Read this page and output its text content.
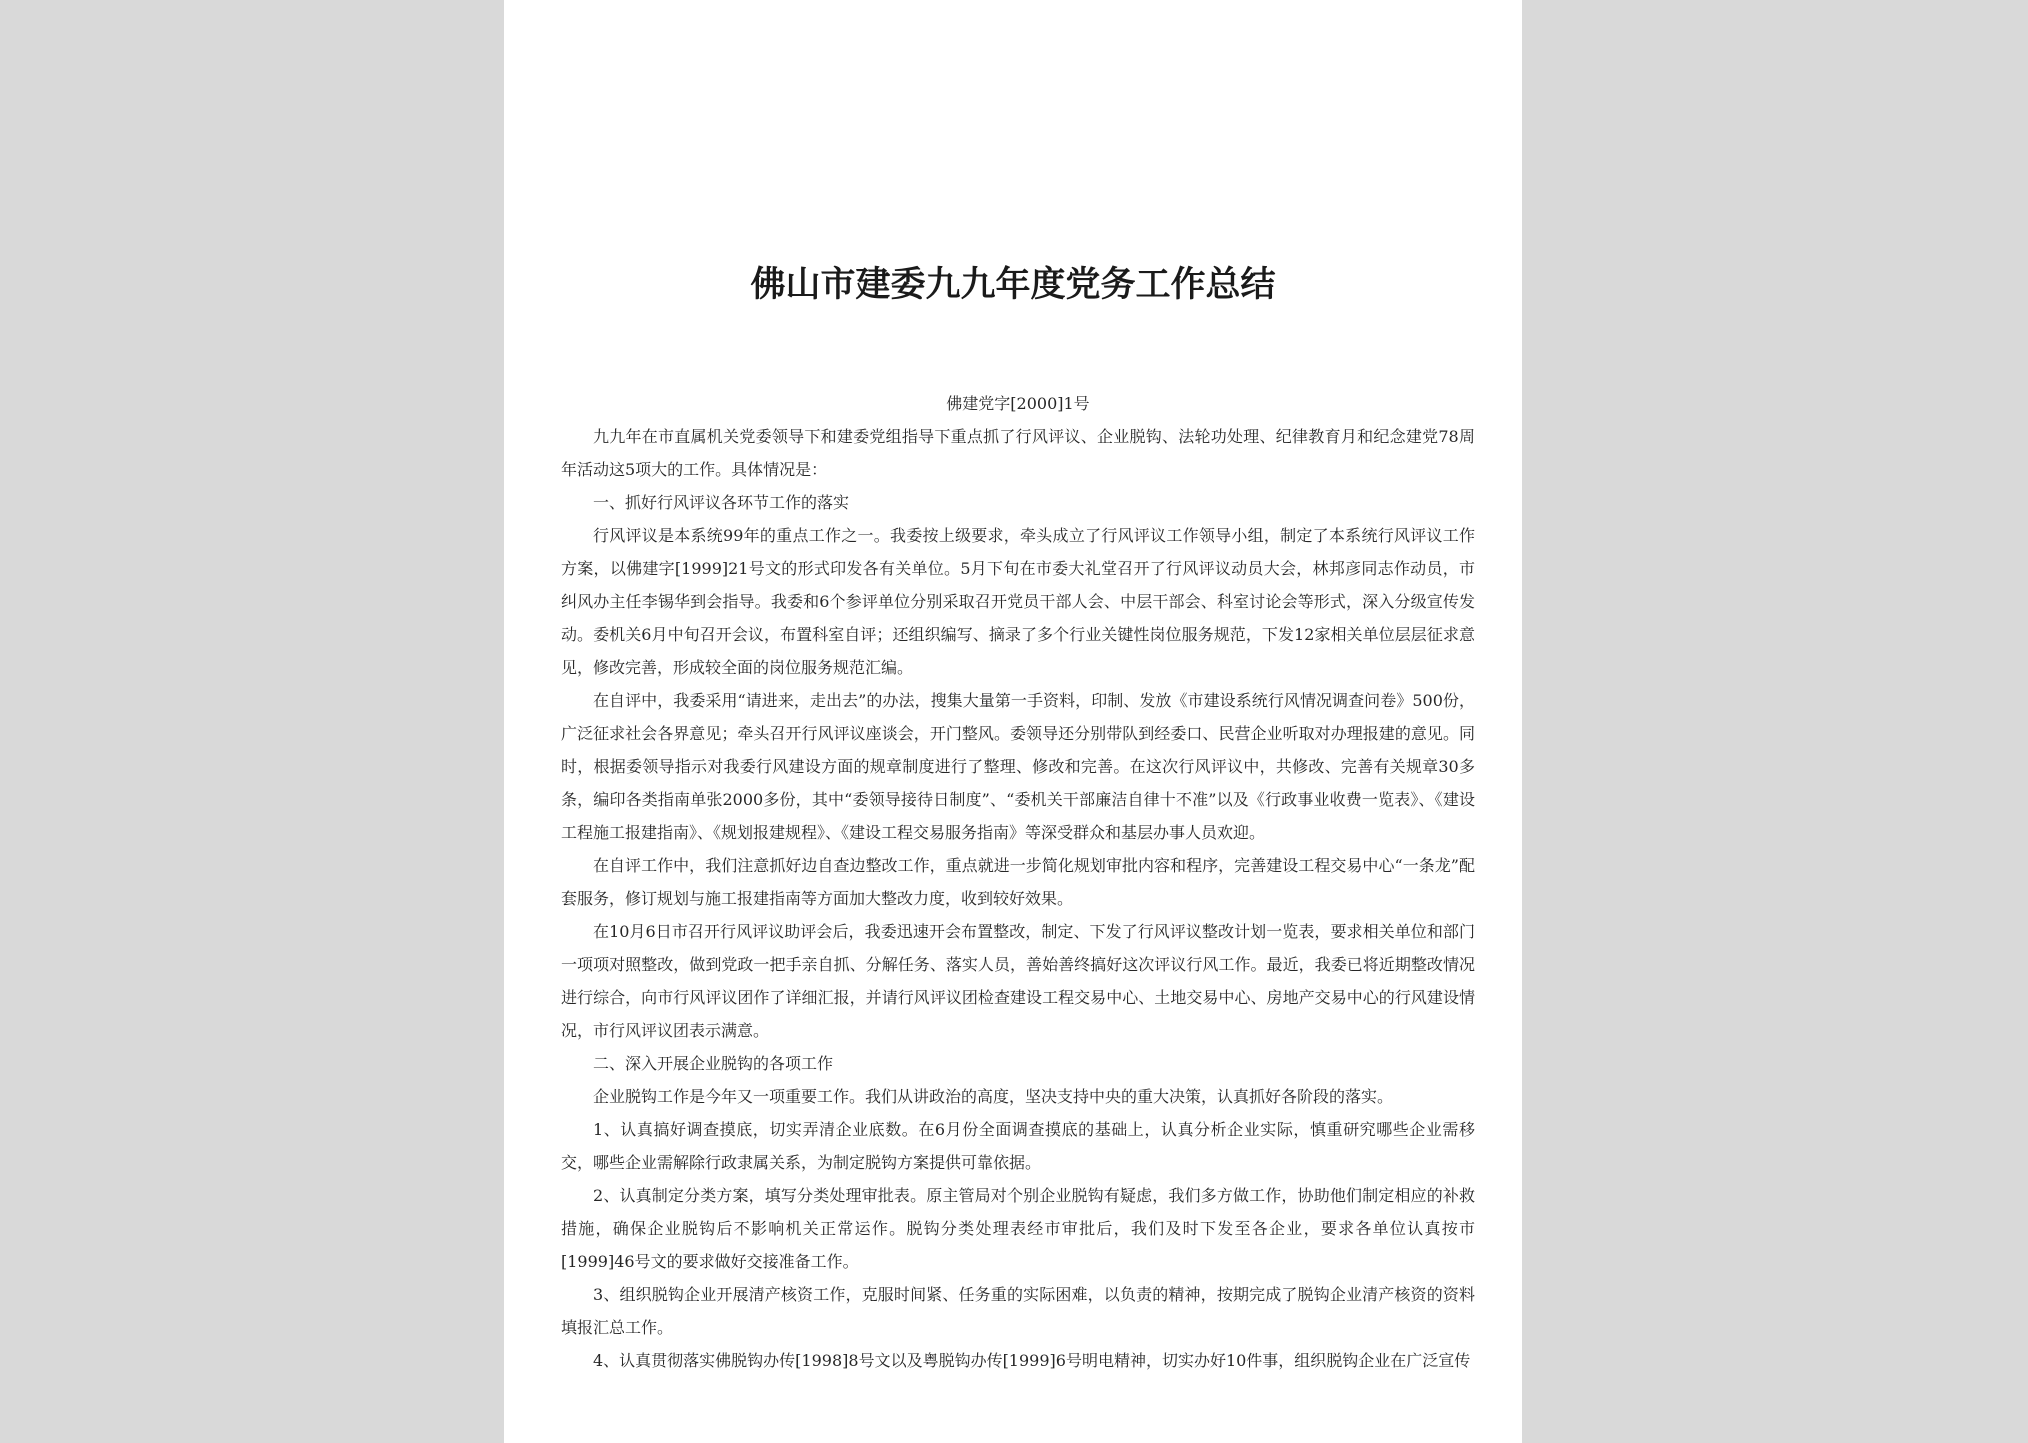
佛山市建委九九年度党务工作总结

佛建党字[2000]1号

九九年在市直属机关党委领导下和建委党组指导下重点抓了行风评议、企业脱钩、法轮功处理、纪律教育月和纪念建党78周年活动这5项大的工作。具体情况是：

一、抓好行风评议各环节工作的落实

行风评议是本系统99年的重点工作之一。我委按上级要求，牵头成立了行风评议工作领导小组，制定了本系统行风评议工作方案，以佛建字[1999]21号文的形式印发各有关单位。5月下旬在市委大礼堂召开了行风评议动员大会，林邦彦同志作动员，市纠风办主任李锡华到会指导。我委和6个参评单位分别采取召开党员干部人会、中层干部会、科室讨论会等形式，深入分级宣传发动。委机关6月中旬召开会议，布置科室自评；还组织编写、摘录了多个行业关键性岗位服务规范，下发12家相关单位层层征求意见，修改完善，形成较全面的岗位服务规范汇编。

在自评中，我委采用“请进来，走出去”的办法，搜集大量第一手资料，印制、发放《市建设系统行风情况调查问卷》500份，广泛征求社会各界意见；牵头召开行风评议座谈会，开门整风。委领导还分别带队到经委口、民营企业听取对办理报建的意见。同时，根据委领导指示对我委行风建设方面的规章制度进行了整理、修改和完善。在这次行风评议中，共修改、完善有关规章30多条，编印各类指南单张2000多份，其中“委领导接待日制度”、“委机关干部廉洁自律十不准”以及《行政事业收费一览表》、《建设工程施工报建指南》、《规划报建规程》、《建设工程交易服务指南》等深受群众和基层办事人员欢迎。

在自评工作中，我们注意抓好边自查边整改工作，重点就进一步简化规划审批内容和程序，完善建设工程交易中心“一条龙”配套服务，修订规划与施工报建指南等方面加大整改力度，收到较好效果。

在10月6日市召开行风评议助评会后，我委迅速开会布置整改，制定、下发了行风评议整改计划一览表，要求相关单位和部门一项项对照整改，做到党政一把手亲自抓、分解任务、落实人员，善始善终搞好这次评议行风工作。最近，我委已将近期整改情况进行综合，向市行风评议团作了详细汇报，并请行风评议团检查建设工程交易中心、土地交易中心、房地产交易中心的行风建设情况，市行风评议团表示满意。

二、深入开展企业脱钩的各项工作

企业脱钩工作是今年又一项重要工作。我们从讲政治的高度，坚决支持中央的重大决策，认真抓好各阶段的落实。

1、认真搞好调查摸底，切实弄清企业底数。在6月份全面调查摸底的基础上，认真分析企业实际，慎重研究哪些企业需移交，哪些企业需解除行政隶属关系，为制定脱钩方案提供可靠依据。

2、认真制定分类方案，填写分类处理审批表。原主管局对个别企业脱钩有疑虑，我们多方做工作，协助他们制定相应的补救措施，确保企业脱钩后不影响机关正常运作。脱钩分类处理表经市审批后，我们及时下发至各企业，要求各单位认真按市[1999]46号文的要求做好交接准备工作。

3、组织脱钩企业开展清产核资工作，克服时间紧、任务重的实际困难，以负责的精神，按期完成了脱钩企业清产核资的资料填报汇总工作。

4、认真贯彻落实佛脱钩办传[1998]8号文以及粤脱钩办传[1999]6号明电精神，切实办好10件事，组织脱钩企业在广泛宣传
